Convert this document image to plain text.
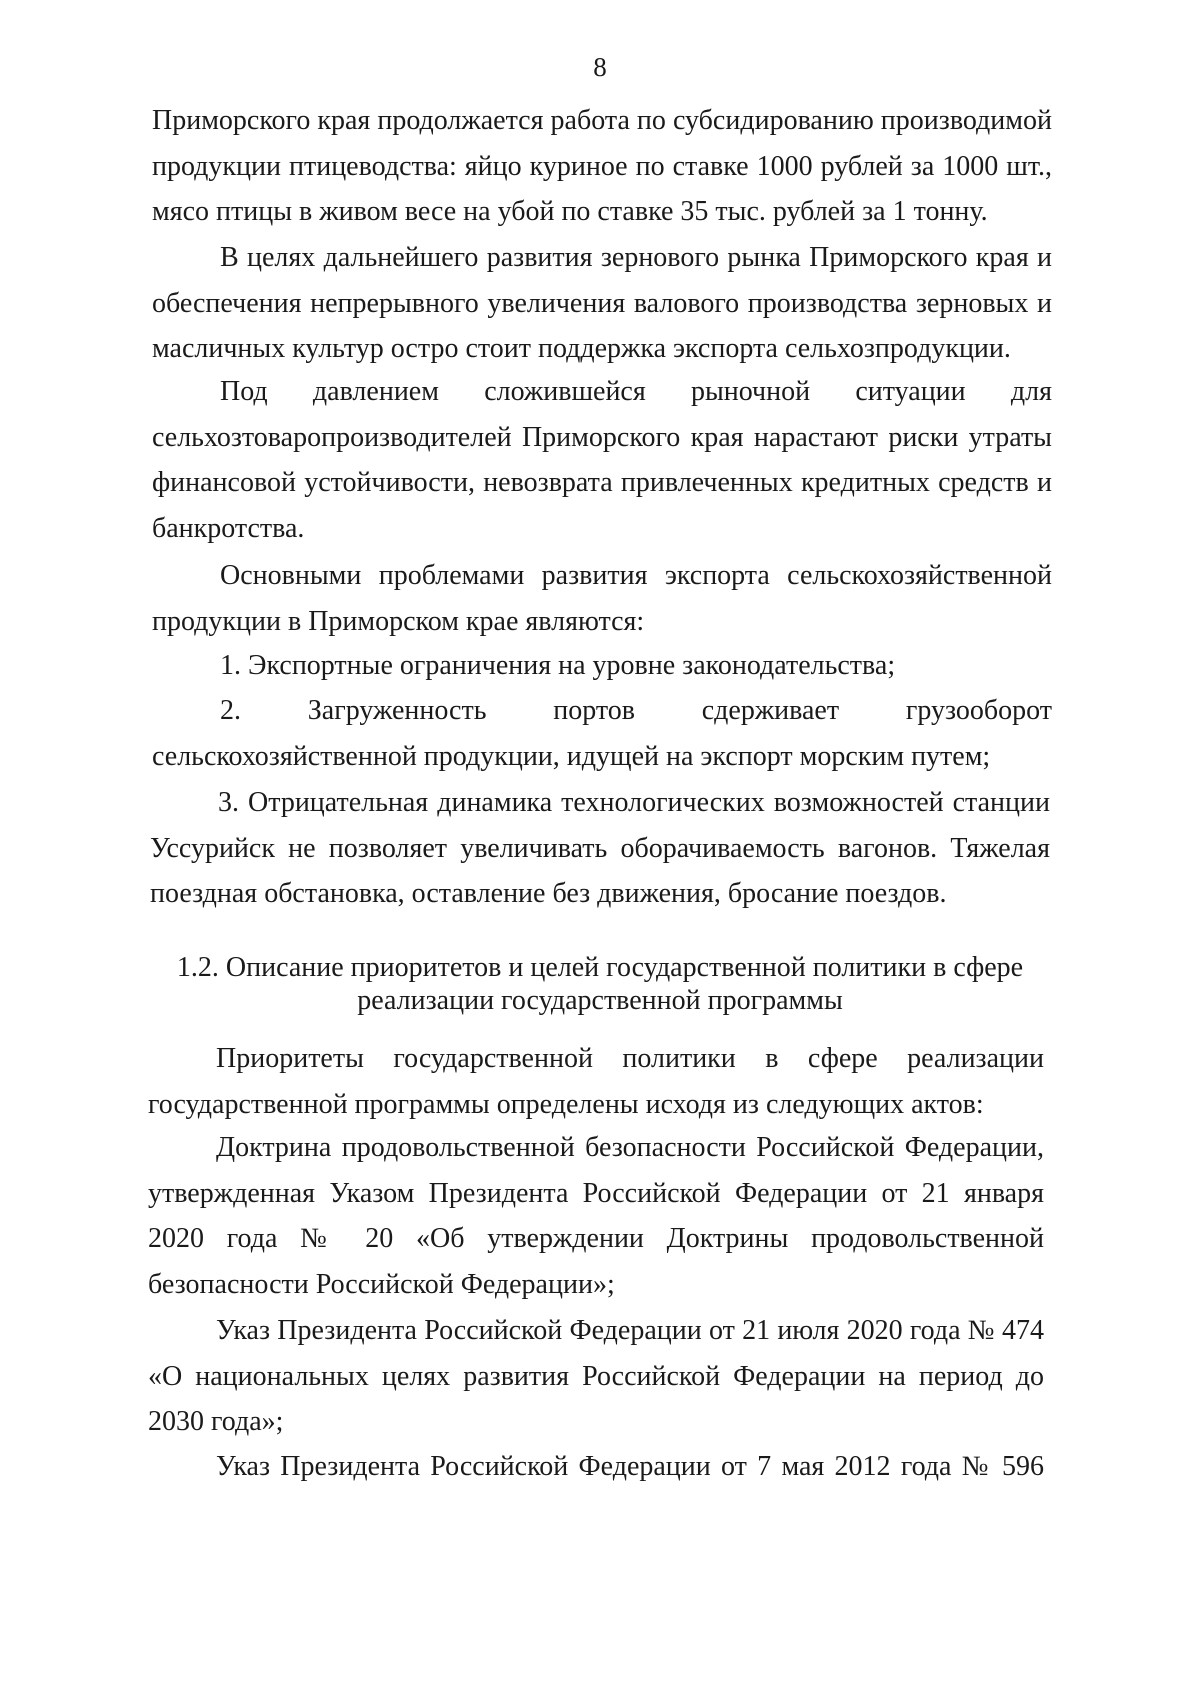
8

Приморского края продолжается работа по субсидированию производимой продукции птицеводства: яйцо куриное по ставке 1000 рублей за 1000 шт., мясо птицы в живом весе на убой по ставке 35 тыс. рублей за 1 тонну.

В целях дальнейшего развития зернового рынка Приморского края и обеспечения непрерывного увеличения валового производства зерновых и масличных культур остро стоит поддержка экспорта сельхозпродукции.

Под давлением сложившейся рыночной ситуации для сельхозтоваропроизводителей Приморского края нарастают риски утраты финансовой устойчивости, невозврата привлеченных кредитных средств и банкротства.

Основными проблемами развития экспорта сельскохозяйственной продукции в Приморском крае являются:

1. Экспортные ограничения на уровне законодательства;

2. Загруженность портов сдерживает грузооборот сельскохозяйственной продукции, идущей на экспорт морским путем;

3. Отрицательная динамика технологических возможностей станции Уссурийск не позволяет увеличивать оборачиваемость вагонов. Тяжелая поездная обстановка, оставление без движения, бросание поездов.

1.2. Описание приоритетов и целей государственной политики в сфере
реализации государственной программы

Приоритеты государственной политики в сфере реализации государственной программы определены исходя из следующих актов:

Доктрина продовольственной безопасности Российской Федерации, утвержденная Указом Президента Российской Федерации от 21 января 2020 года № 20 «Об утверждении Доктрины продовольственной безопасности Российской Федерации»;

Указ Президента Российской Федерации от 21 июля 2020 года № 474 «О национальных целях развития Российской Федерации на период до 2030 года»;

Указ Президента Российской Федерации от 7 мая 2012 года № 596
